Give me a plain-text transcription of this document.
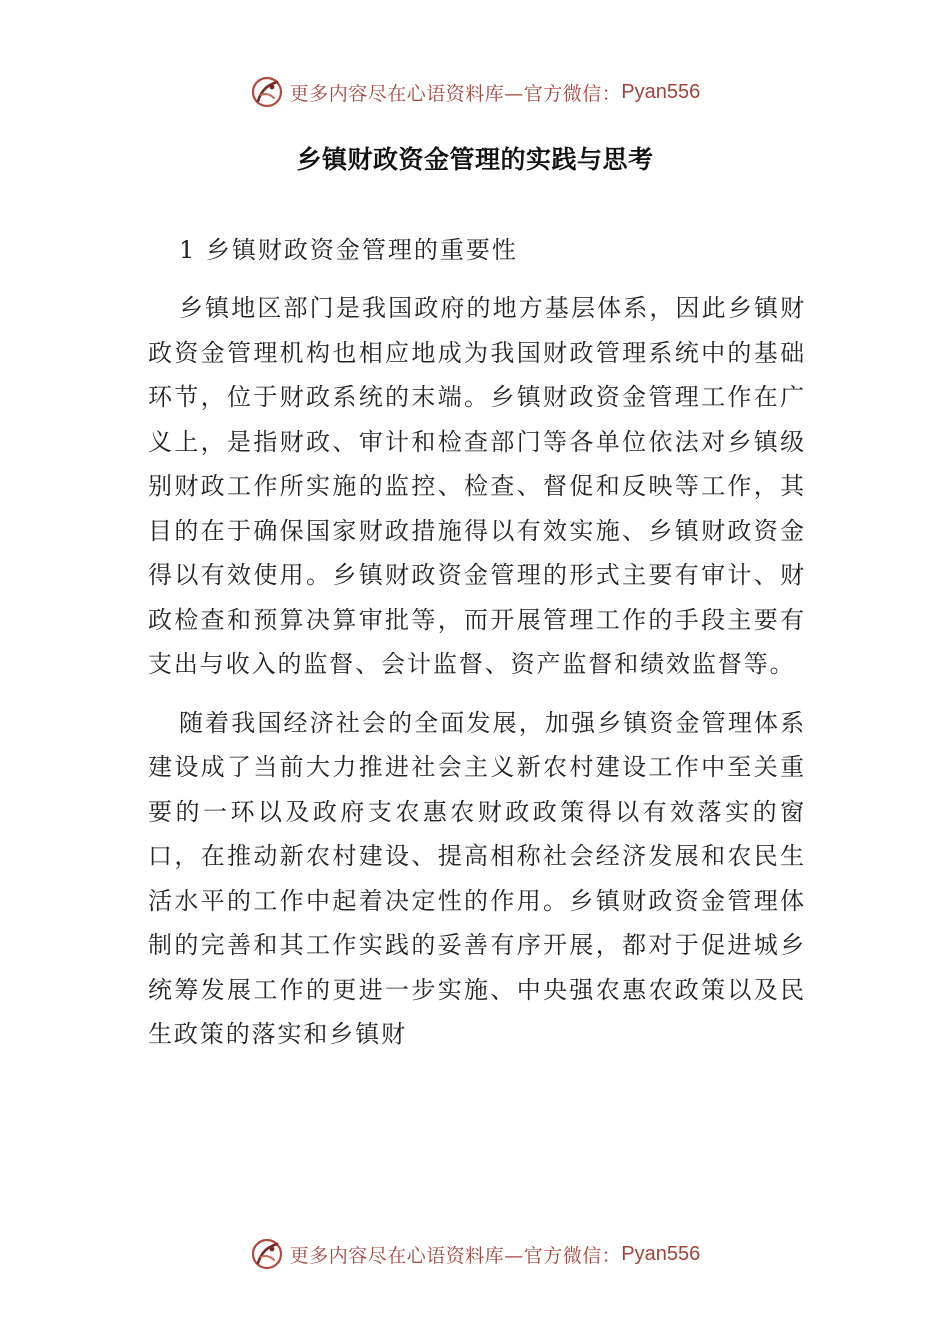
更多内容尽在心语资料库—官方微信： Pyan556
乡镇财政资金管理的实践与思考

1 乡镇财政资金管理的重要性

乡镇地区部门是我国政府的地方基层体系，因此乡镇财政资金管理机构也相应地成为我国财政管理系统中的基础环节，位于财政系统的末端。乡镇财政资金管理工作在广义上，是指财政、审计和检查部门等各单位依法对乡镇级别财政工作所实施的监控、检查、督促和反映等工作，其目的在于确保国家财政措施得以有效实施、乡镇财政资金得以有效使用。乡镇财政资金管理的形式主要有审计、财政检查和预算决算审批等，而开展管理工作的手段主要有支出与收入的监督、会计监督、资产监督和绩效监督等。

随着我国经济社会的全面发展，加强乡镇资金管理体系建设成了当前大力推进社会主义新农村建设工作中至关重要的一环以及政府支农惠农财政政策得以有效落实的窗口，在推动新农村建设、提高相称社会经济发展和农民生活水平的工作中起着决定性的作用。乡镇财政资金管理体制的完善和其工作实践的妥善有序开展，都对于促进城乡统筹发展工作的更进一步实施、中央强农惠农政策以及民生政策的落实和乡镇财

更多内容尽在心语资料库—官方微信： Pyan556
